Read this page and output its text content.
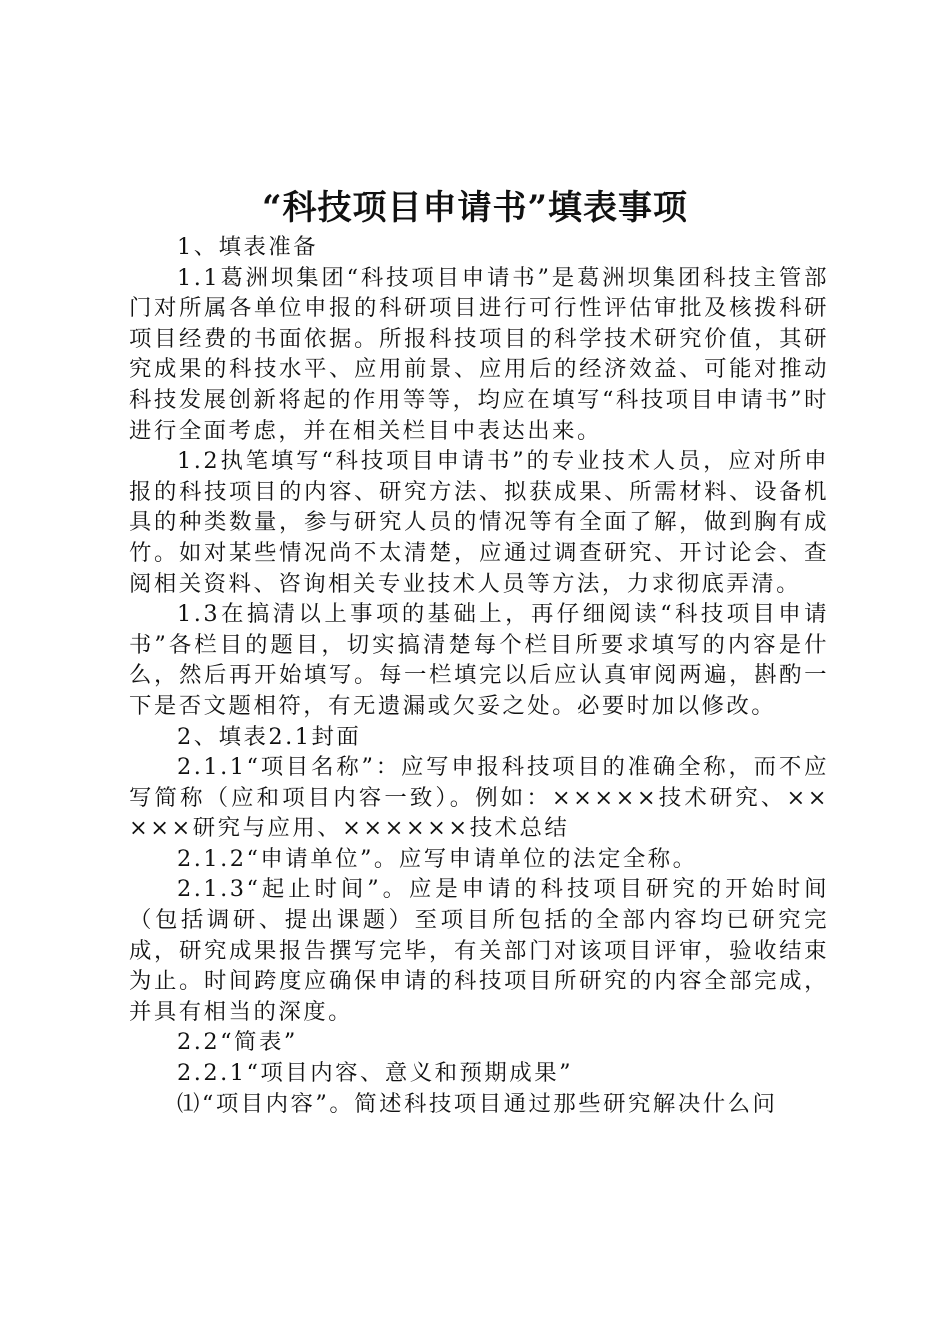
“科技项目申请书”填表事项

1、填表准备

1.1葛洲坝集团“科技项目申请书”是葛洲坝集团科技主管部门对所属各单位申报的科研项目进行可行性评估审批及核拨科研项目经费的书面依据。所报科技项目的科学技术研究价值，其研究成果的科技水平、应用前景、应用后的经济效益、可能对推动科技发展创新将起的作用等等，均应在填写“科技项目申请书”时进行全面考虑，并在相关栏目中表达出来。

1.2执笔填写“科技项目申请书”的专业技术人员，应对所申报的科技项目的内容、研究方法、拟获成果、所需材料、设备机具的种类数量，参与研究人员的情况等有全面了解，做到胸有成竹。如对某些情况尚不太清楚，应通过调查研究、开讨论会、查阅相关资料、咨询相关专业技术人员等方法，力求彻底弄清。

1.3在搞清以上事项的基础上，再仔细阅读“科技项目申请书”各栏目的题目，切实搞清楚每个栏目所要求填写的内容是什么，然后再开始填写。每一栏填完以后应认真审阅两遍，斟酌一下是否文题相符，有无遗漏或欠妥之处。必要时加以修改。

2、填表2.1封面

2.1.1“项目名称”：应写申报科技项目的准确全称，而不应写简称（应和项目内容一致）。例如：×××××技术研究、×××××研究与应用、××××××技术总结

2.1.2“申请单位”。应写申请单位的法定全称。

2.1.3“起止时间”。应是申请的科技项目研究的开始时间（包括调研、提出课题）至项目所包括的全部内容均已研究完成，研究成果报告撰写完毕，有关部门对该项目评审，验收结束为止。时间跨度应确保申请的科技项目所研究的内容全部完成，并具有相当的深度。

2.2“简表”

2.2.1“项目内容、意义和预期成果”

⑴“项目内容”。简述科技项目通过那些研究解决什么问
